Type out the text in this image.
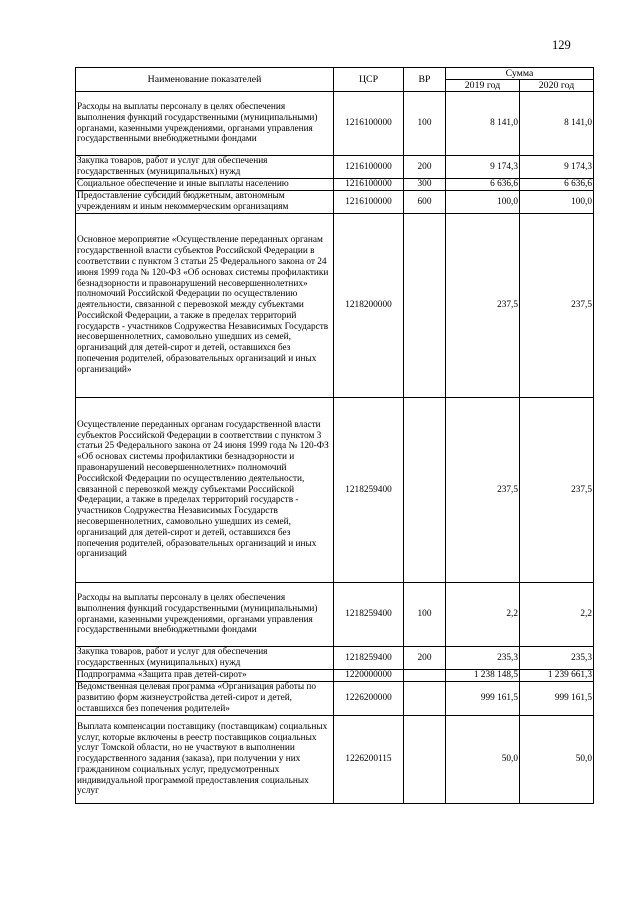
129
Наименование показателей	ЦСР	ВР	Сумма	
			2019 год	2020 год
Расходы на выплаты персоналу в целях обеспечения выполнения функций государственными (муниципальными) органами, казенными учреждениями, органами управления государственными внебюджетными фондами	1216100000	100	8 141,0	8 141,0
Закупка товаров, работ и услуг для обеспечения государственных (муниципальных) нужд	1216100000	200	9 174,3	9 174,3
Социальное обеспечение и иные выплаты населению	1216100000	300	6 636,6	6 636,6
Предоставление субсидий бюджетным, автономным учреждениям и иным некоммерческим организациям	1216100000	600	100,0	100,0
Основное мероприятие «Осуществление переданных органам государственной власти субъектов Российской Федерации в соответствии с пунктом 3 статьи 25 Федерального закона от 24 июня 1999 года № 120-ФЗ «Об основах системы профилактики безнадзорности и правонарушений несовершеннолетних» полномочий Российской Федерации по осуществлению деятельности, связанной с перевозкой между субъектами Российской Федерации, а также в пределах территорий государств - участников Содружества Независимых Государств несовершеннолетних, самовольно ушедших из семей, организаций для детей-сирот и детей, оставшихся без попечения родителей, образовательных организаций и иных организаций»	1218200000		237,5	237,5
Осуществление переданных органам государственной власти субъектов Российской Федерации в соответствии с пунктом 3 статьи 25 Федерального закона от 24 июня 1999 года № 120-ФЗ «Об основах системы профилактики безнадзорности и правонарушений несовершеннолетних» полномочий Российской Федерации по осуществлению деятельности, связанной с перевозкой между субъектами Российской Федерации, а также в пределах территорий государств - участников Содружества Независимых Государств несовершеннолетних, самовольно ушедших из семей, организаций для детей-сирот и детей, оставшихся без попечения родителей, образовательных организаций и иных организаций	1218259400		237,5	237,5
Расходы на выплаты персоналу в целях обеспечения выполнения функций государственными (муниципальными) органами, казенными учреждениями, органами управления государственными внебюджетными фондами	1218259400	100	2,2	2,2
Закупка товаров, работ и услуг для обеспечения государственных (муниципальных) нужд	1218259400	200	235,3	235,3
Подпрограмма «Защита прав детей-сирот»	1220000000		1 238 148,5	1 239 661,3
Ведомственная целевая программа «Организация работы по развитию форм жизнеустройства детей-сирот и детей, оставшихся без попечения родителей»	1226200000		999 161,5	999 161,5
Выплата компенсации поставщику (поставщикам) социальных услуг, которые включены в реестр поставщиков социальных услуг Томской области, но не участвуют в выполнении государственного задания (заказа), при получении у них гражданином социальных услуг, предусмотренных индивидуальной программой предоставления социальных услуг	1226200115		50,0	50,0
